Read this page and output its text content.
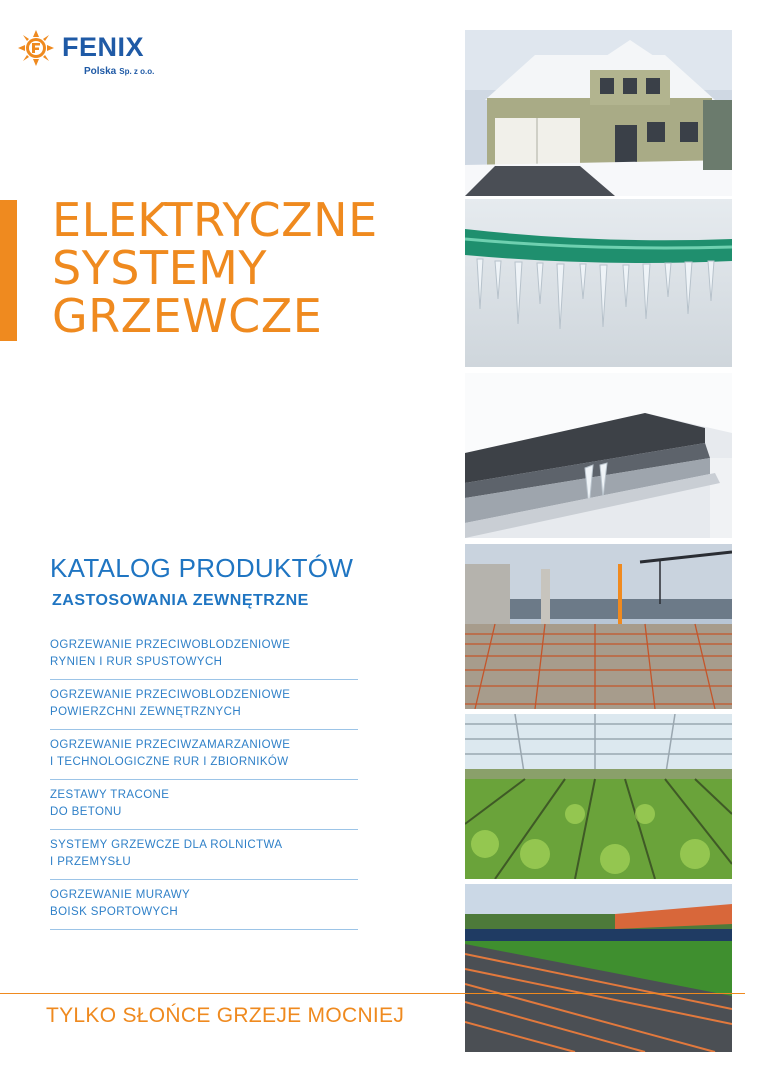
FENIX
Polska Sp. z o.o.
ELEKTRYCZNE
SYSTEMY
GRZEWCZE
KATALOG PRODUKTÓW
ZASTOSOWANIA ZEWNĘTRZNE
OGRZEWANIE PRZECIWOBLODZENIOWE
RYNIEN I RUR SPUSTOWYCH
OGRZEWANIE PRZECIWOBLODZENIOWE
POWIERZCHNI ZEWNĘTRZNYCH
OGRZEWANIE PRZECIWZAMARZANIOWE
I TECHNOLOGICZNE RUR I ZBIORNIKÓW
ZESTAWY TRACONE
DO BETONU
SYSTEMY GRZEWCZE DLA ROLNICTWA
I PRZEMYSŁU
OGRZEWANIE MURAWY
BOISK SPORTOWYCH
TYLKO SŁOŃCE GRZEJE MOCNIEJ
